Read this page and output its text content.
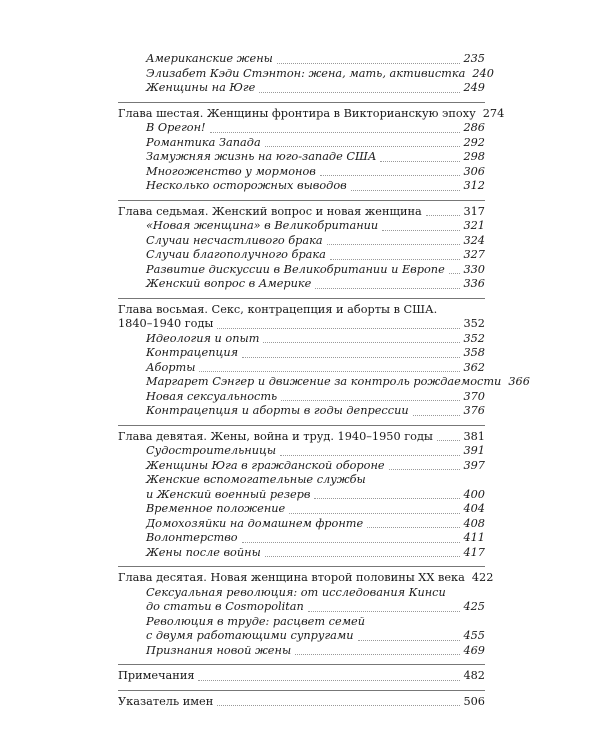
Американские жены	235
Элизабет Кэди Стэнтон: жена, мать, активистка 240
Женщины на Юге	249
Глава шестая. Женщины фронтира в Викторианскую эпоху 274
В Орегон!	286
Романтика Запада	292
Замужняя жизнь на юго-западе США	298
Многоженство у мормонов	306
Несколько осторожных выводов	312
Глава седьмая. Женский вопрос и новая женщина	317
«Новая женщина» в Великобритании	321
Случаи несчастливого брака	324
Случаи благополучного брака	327
Развитие дискуссии в Великобритании и Европе 330
Женский вопрос в Америке	336
Глава восьмая. Секс, контрацепция и аборты в США.
1840–1940 годы	352
Идеология и опыт	352
Контрацепция	358
Аборты	362
Маргарет Сэнгер и движение за контроль рождаемости 366
Новая сексуальность	370
Контрацепция и аборты в годы депрессии	376
Глава девятая. Жены, война и труд. 1940–1950 годы	381
Судостроительницы	391
Женщины Юга в гражданской обороне	397
Женские вспомогательные службы
и Женский военный резерв	400
Временное положение	404
Домохозяйки на домашнем фронте	408
Волонтерство	411
Жены после войны	417
Глава десятая. Новая женщина второй половины XX века 422
Сексуальная революция: от исследования Кинси
до статьи в Cosmopolitan	425
Революция в труде: расцвет семей
с двумя работающими супругами	455
Признания новой жены	469
Примечания	482
Указатель имен	506
